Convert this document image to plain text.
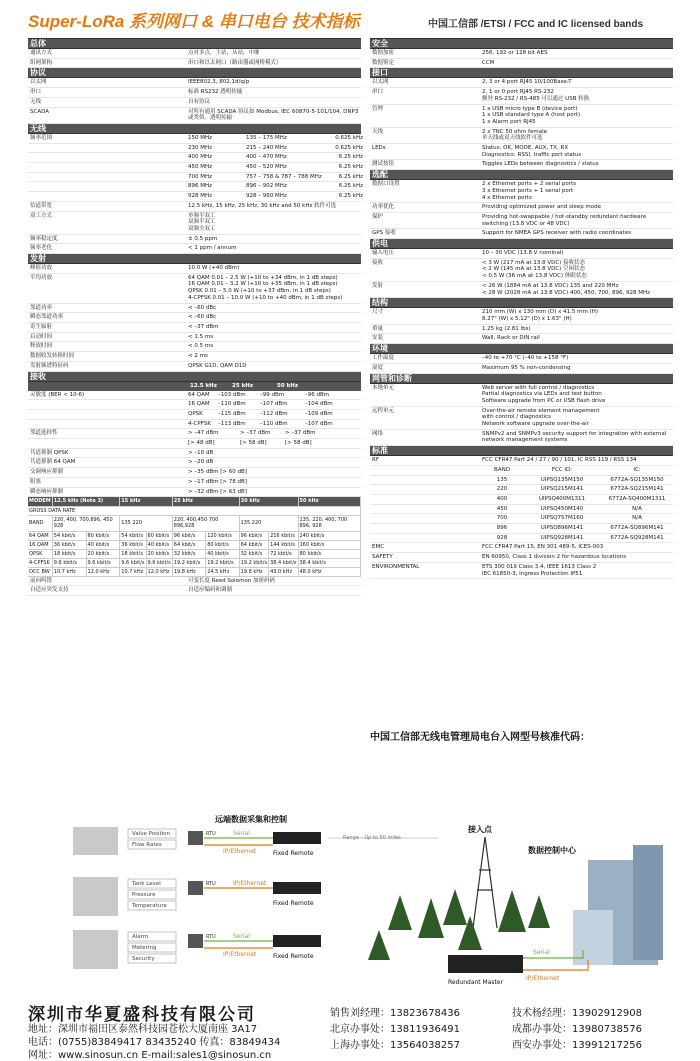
Super-LoRa 系列网口 & 串口电台 技术指标	中国工信部 /ETSI / FCC and IC licensed bands
总体
通讯方式	点对多点，主站，从站，中继
组网架构	串口和以太网口（路由器或网桥模式）
协议
以太网	IEEE802.3, 802.1d/q/p
串口	标准 RS232 透明传输
无线	自有协议
SCADA	对所有通用 SCADA 协议如 Modbus, IEC 60870-5-101/104, DNP3 或类似。透明传输
无线
频率范围	150 MHz	135 – 175 MHz	0.625 kHz
230 MHz	215 – 240 MHz	0.625 kHz
400 MHz	400 – 470 MHz	6.25 kHz
450 MHz	450 – 520 MHz	6.25 kHz
700 MHz	757 – 758 & 787 – 788 MHz	6.25 kHz
896 MHz	896 – 902 MHz	6.25 kHz
928 MHz	928 – 960 MHz	6.25 kHz
信道带宽	12.5 kHz, 15 kHz, 25 kHz, 30 kHz and 50 kHz 软件可选
双工方式	单频半双工
双频半双工
双频全双工
频率稳定度	± 0.5 ppm
频率老化	< 1 ppm / annum
发射
峰值功放	10.0 W (+40 dBm)
平均功放	64 QAM 0.01 – 2.5 W (+10 to +34 dBm, in 1 dB steps)
16 QAM 0.01 – 3.2 W (+10 to +35 dBm, in 1 dB steps)
QPSK 0.01 – 5.0 W (+10 to +37 dBm, in 1 dB steps)
4-CPFSK 0.01 – 10.0 W (+10 to +40 dBm, in 1 dB steps)
邻道功率	< –60 dBc
瞬态邻道功率	< –60 dBc
寄生辐射	< –37 dBm
启动时间	< 1.5 ms
释放时间	< 0.5 ms
数据收发转换时间	< 2 ms
发射频谱特征码	QPSK G1D, QAM D1D
接收
12.5 kHz	25 kHz	50 kHz
灵敏度 (BER < 10-6)	64 QAM	–103 dBm	–99 dBm	–96 dBm
16 QAM	–110 dBm	–107 dBm	–104 dBm
QPSK	–115 dBm	–112 dBm	–109 dBm
4-CPFSK	–113 dBm	–110 dBm	–107 dBm
邻道选择性	> –47 dBm	> –37 dBm	> –37 dBm
[> 48 dB]	[> 58 dB]	[> 58 dB]
共道抑制 QPSK	> –10 dB
共道抑制 64 QAM	> –20 dB
交调响应抑制	> –35 dBm [> 60 dB]
阻塞	> –17 dBm [> 78 dB]
瞬态响应抑制	> –32 dBm [> 63 dB]
MODEM	12.5 kHz (Note 3)		15 kHz		25 kHz		30 kHz		50 kHz
GROSS DATA RATE									
BAND	220, 400, 700,896, 450 928		135 220		220, 400,450 700 896,928		135 220		135, 220, 400, 700 896, 928
64 QAM	54 kbit/s	60 kbit/s	54 kbit/s	60 kbit/s	96 kbit/s	120 kbit/s	96 kbit/s	216 kbit/s	240 kbit/s
16 QAM	36 kbit/s	40 kbit/s	36 kbit/s	40 kbit/s	64 kbit/s	80 kbit/s	64 kbit/s	144 kbit/s	160 kbit/s
QPSK	18 kbit/s	20 kbit/s	18 kbit/s	20 kbit/s	32 kbit/s	40 kbit/s	32 kbit/s	72 kbit/s	80 kbit/s
4-CPFSK	9.6 kbit/s	9.6 kbit/s	9.6 kbit/s	9.6 kbit/s	19.2 kbit/s	19.2 kbit/s	19.2 kbit/s	38.4 kbit/s	38.4 kbit/s
OCC BW	10.7 kHz	12.0 kHz	10.7 kHz	12.0 kHz	19.8 kHz	24.5 kHz	19.8 kHz	43.0 kHz	48.0 kHz
前向纠错	可变长度 Reed Solomon 加密码码
自适应突发支持	自适应编码和调制
安全
数据加密	256, 192 or 128 bit AES
数据鉴定	CCM
接口
以太网	2, 3 or 4 port RJ45 10/100Base-T
串口	2, 1 or 0 port RJ45 RS-232
额外 RS-232 / RS-485 可以通过 USB 转换
管理	1 x USB micro type B (device port)
1 x USB standard type A (host port)
1 x Alarm port RJ45
天线	2 x TNC 50 ohm female
单天线或双天线软件可选
LEDs	Status: OK, MODE, AUX, TX, RX
Diagnostics: RSSI, traffic port status
测试按钮	Toggles LEDs between diagnostics / status
选配
数据口设置	2 x Ethernet ports + 2 serial ports
3 x Ethernet ports + 1 serial port
4 x Ethernet ports
功率优化	Providing optimized power and sleep mode
保护	Providing hot-swappable / hot-standby redundant hardware switching (13.8 VDC or 48 VDC)
GPS 接收	Support for NMEA GPS receiver with radio coordinates
供电
输入电压	10 – 30 VDC (13.8 V nominal)
接收	< 3 W (217 mA at 13.8 VDC) 接收状态
< 2 W (145 mA at 13.8 VDC) 空闲状态
< 0.5 W (36 mA at 13.8 VDC) 休眠状态
发射	< 26 W (1884 mA at 13.8 VDC) 135 and 220 MHz
< 28 W (2028 mA at 13.8 VDC) 400, 450, 700, 896, 928 MHz
结构
尺寸	210 mm (W) x 130 mm (D) x 41.5 mm (H)
8.27" (W) x 5.12" (D) x 1.63" (H)
重量	1.25 kg (2.81 lbs)
安装	Wall, Rack or DIN rail
环境
工作温度	–40 to +70 °C (–40 to +158 °F)
湿度	Maximum 95 % non-condensing
网管和诊断
本地单元	Web server with full control / diagnostics
Partial diagnostics via LEDs and test button
Software upgrade from PC or USB flash drive
远程单元	Over-the-air remote element management
with control / diagnostics
Network software upgrade over-the-air
网络	SNMPv2 and SNMPv3 security support for integration with external network management systems
标准
RF	FCC CFR47 Part 24 / 27 / 90 / 101, IC RSS 119 / RSS 134
BAND	FCC ID:	IC:
135	UIPSQ135M150	6772A-SQ135M150
220	UIPSQ215M141	6772A-SQ215M141
400	UIPSQ400M1311	6772A-SQ400M1311
450	UIPSQ450M140	N/A
700	UIPSQ757M160	N/A
896	UIPSQ896M141	6772A-SQ896M141
928	UIPSQ928M141	6772A-SQ928M141
EMC	FCC CFR47 Part 15, EN 301 489-5, ICES-003
SAFETY	EN 60950, Class 1 division 2 for hazardous locations
ENVIRONMENTAL	ETS 300 019 Class 3.4, IEEE 1613 Class 2
IEC 61850-3, Ingress Protection IP51
中国工信部无线电管理局电台入网型号核准代码：
远端数据采集和控制
接入点
数据控制中心
Range – Up to 50 miles
Redundant Master
Valve Position
Flow Rates
RTU	Serial
IP/Ethernet	Fixed Remote
Tank Level
Pressure
Temperature
RTU	IP/Ethernet
Fixed Remote
Alarm
Metering
Security
RTU	Serial
IP/Ethernet	Fixed Remote
Serial
IP/Ethernet
深圳市华夏盛科技有限公司
地址：深圳市福田区泰然科技园苍松大厦南座 3A17
电话：(0755)83849417 83435240 传真：83849434
网址：www.sinosun.cn E-mail:sales1@sinosun.cn
销售刘经理：13823678436
北京办事处：13811936491
上海办事处：13564038257
技术杨经理：13902912908
成都办事处：13980738576
西安办事处：13991217256
